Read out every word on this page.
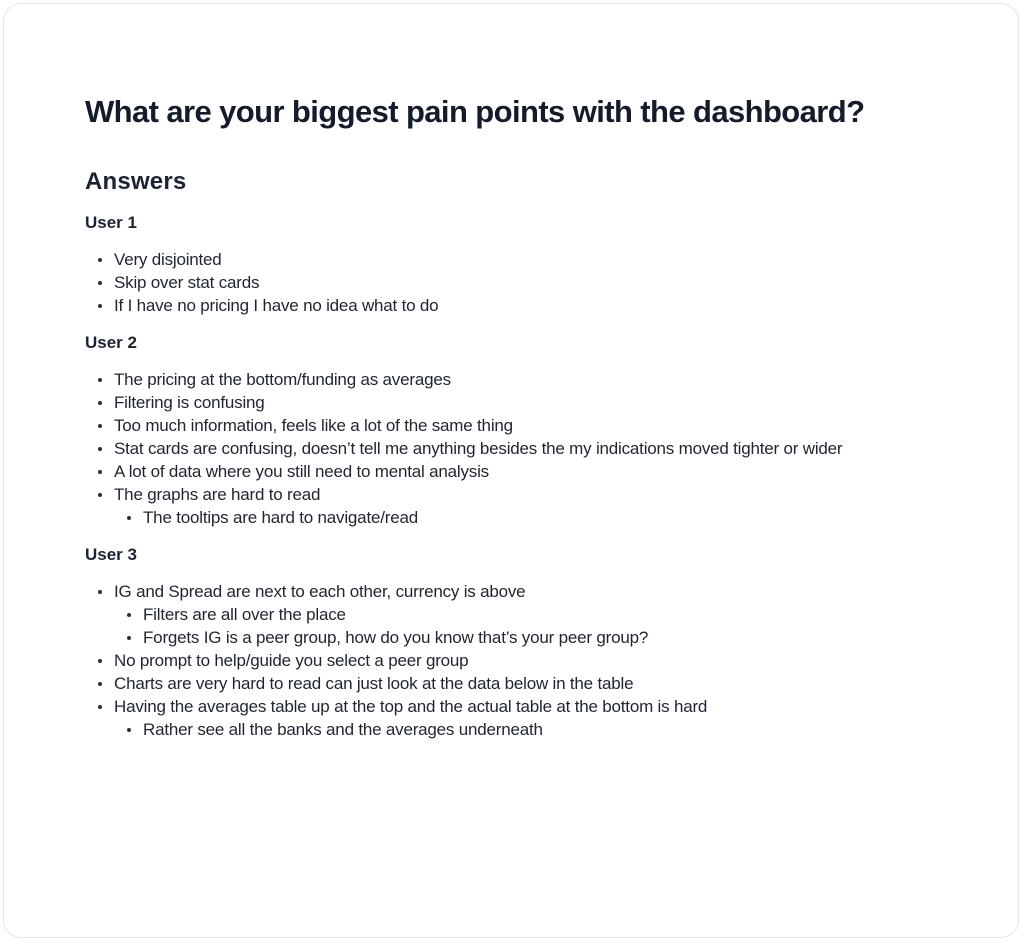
What are your biggest pain points with the dashboard?
Answers
User 1
Very disjointed
Skip over stat cards
If I have no pricing I have no idea what to do
User 2
The pricing at the bottom/funding as averages
Filtering is confusing
Too much information, feels like a lot of the same thing
Stat cards are confusing, doesn’t tell me anything besides the my indications moved tighter or wider
A lot of data where you still need to mental analysis
The graphs are hard to read
The tooltips are hard to navigate/read
User 3
IG and Spread are next to each other, currency is above
Filters are all over the place
Forgets IG is a peer group, how do you know that’s your peer group?
No prompt to help/guide you select a peer group
Charts are very hard to read can just look at the data below in the table
Having the averages table up at the top and the actual table at the bottom is hard
Rather see all the banks and the averages underneath
